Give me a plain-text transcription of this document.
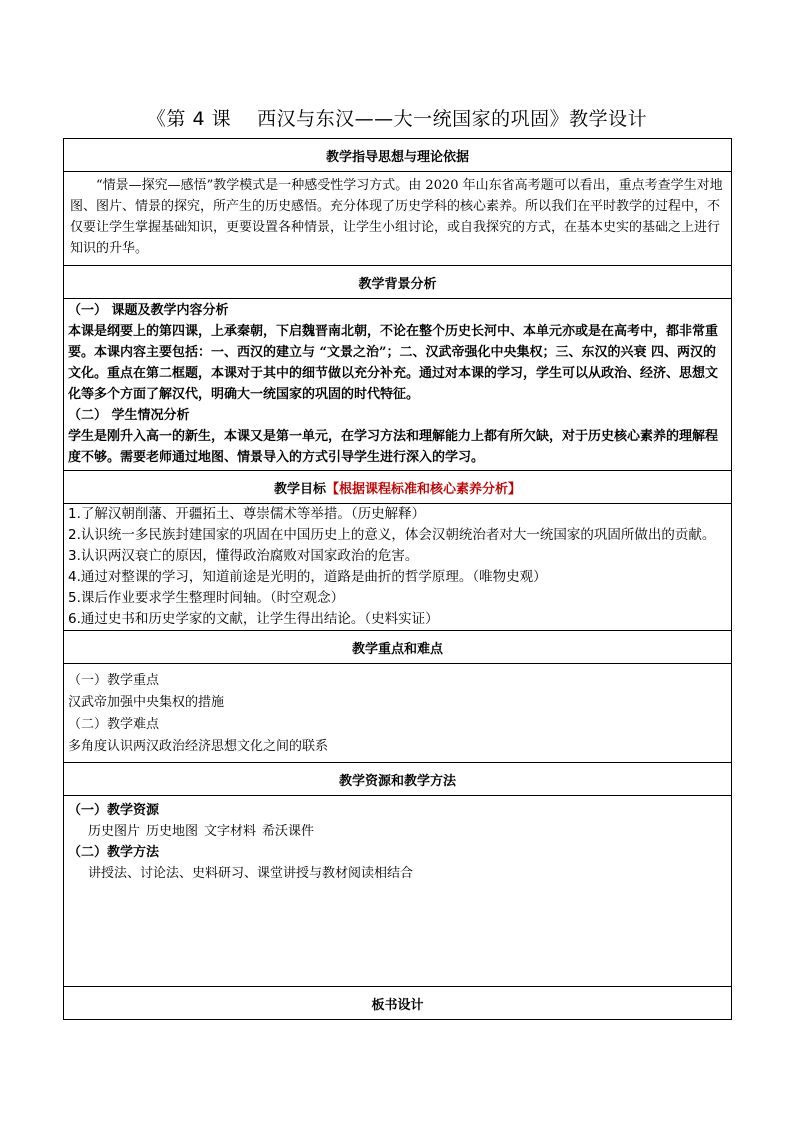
《第 4 课 西汉与东汉——大一统国家的巩固》教学设计
教学指导思想与理论依据

“情景—探究—感悟”教学模式是一种感受性学习方式。由 2020 年山东省高考题可以看出，重点考查学生对地图、图片、情景的探究，所产生的历史感悟。充分体现了历史学科的核心素养。所以我们在平时教学的过程中，不仅要让学生掌握基础知识，更要设置各种情景，让学生小组讨论，或自我探究的方式，在基本史实的基础之上进行知识的升华。

教学背景分析

（一） 课题及教学内容分析

本课是纲要上的第四课，上承秦朝，下启魏晋南北朝，不论在整个历史长河中、本单元亦或是在高考中，都非常重要。本课内容主要包括：一、西汉的建立与 “文景之治”；二、汉武帝强化中央集权；三、东汉的兴衰 四、两汉的文化。重点在第二框题，本课对于其中的细节做以充分补充。通过对本课的学习，学生可以从政治、经济、思想文化等多个方面了解汉代，明确大一统国家的巩固的时代特征。

（二） 学生情况分析

学生是刚升入高一的新生，本课又是第一单元，在学习方法和理解能力上都有所欠缺，对于历史核心素养的理解程度不够。需要老师通过地图、情景导入的方式引导学生进行深入的学习。

教学目标【根据课程标准和核心素养分析】

1.了解汉朝削藩、开疆拓土、尊崇儒术等举措。（历史解释）

2.认识统一多民族封建国家的巩固在中国历史上的意义，体会汉朝统治者对大一统国家的巩固所做出的贡献。

3.认识两汉衰亡的原因，懂得政治腐败对国家政治的危害。

4.通过对整课的学习，知道前途是光明的，道路是曲折的哲学原理。（唯物史观）

5.课后作业要求学生整理时间轴。（时空观念）

6.通过史书和历史学家的文献，让学生得出结论。（史料实证）

教学重点和难点

（一）教学重点

汉武帝加强中央集权的措施

（二）教学难点

多角度认识两汉政治经济思想文化之间的联系

教学资源和教学方法

（一）教学资源

历史图片 历史地图 文字材料 希沃课件

（二）教学方法

讲授法、讨论法、史料研习、课堂讲授与教材阅读相结合

板书设计
